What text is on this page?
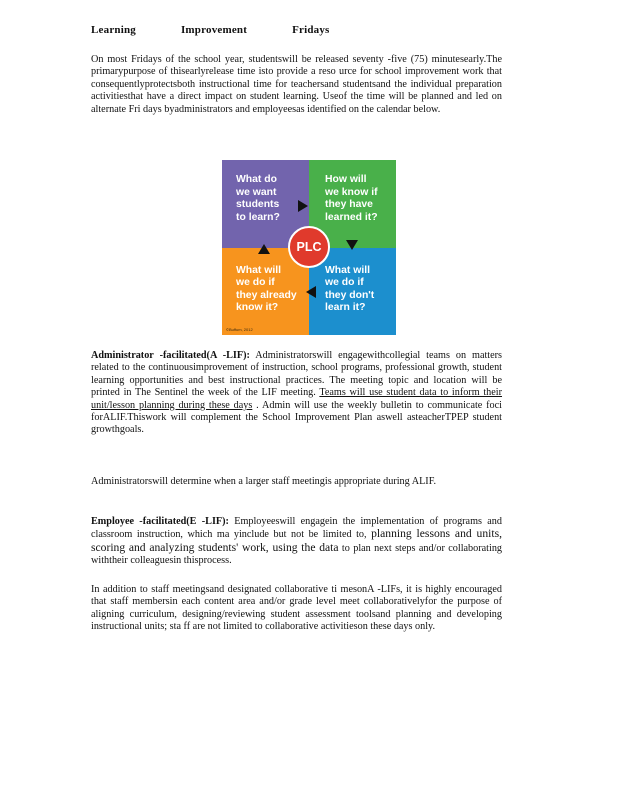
Learning	Improvement	Fridays

On most Fridays of the school year, studentswill be released seventy -five (75) minutesearly.The primarypurpose of thisearlyrelease time isto provide a reso urce for school improvement work that consequentlyprotectsboth instructional time for teachersand studentsand the individual preparation activitiesthat have a direct impact on student learning. Useof the time will be planned and led on alternate Fri days byadministrators and employeesas identified on the calendar below.

What do
we want
students
to learn?
How will
we know if
they have
learned it?
What will
we do if
they already
know it?
What will
we do if
they don't
learn it?
PLC
©Buffum, 2012

Administrator -facilitated(A -LIF): Administratorswill engagewithcollegial teams on matters related to the continuousimprovement of instruction, school programs, professional growth, student learning opportunities and best instructional practices. The meeting topic and location will be printed in The Sentinel the week of the LIF meeting. Teams will use student data to inform their unit/lesson planning during these days . Admin will use the weekly bulletin to communicate foci forALIF.Thiswork will complement the School Improvement Plan aswell asteacherTPEP student growthgoals.

Administratorswill determine when a larger staff meetingis appropriate during ALIF.

Employee -facilitated(E -LIF): Employeeswill engagein the implementation of programs and classroom instruction, which ma yinclude but not be limited to, planning lessons and units, scoring and analyzing students' work, using the data to plan next steps and/or collaborating withtheir colleaguesin thisprocess.

In addition to staff meetingsand designated collaborative ti mesonA -LIFs, it is highly encouraged that staff membersin each content area and/or grade level meet collaborativelyfor the purpose of aligning curriculum, designing/reviewing student assessment toolsand planning and developing instructional units; sta ff are not limited to collaborative activitieson these days only.
